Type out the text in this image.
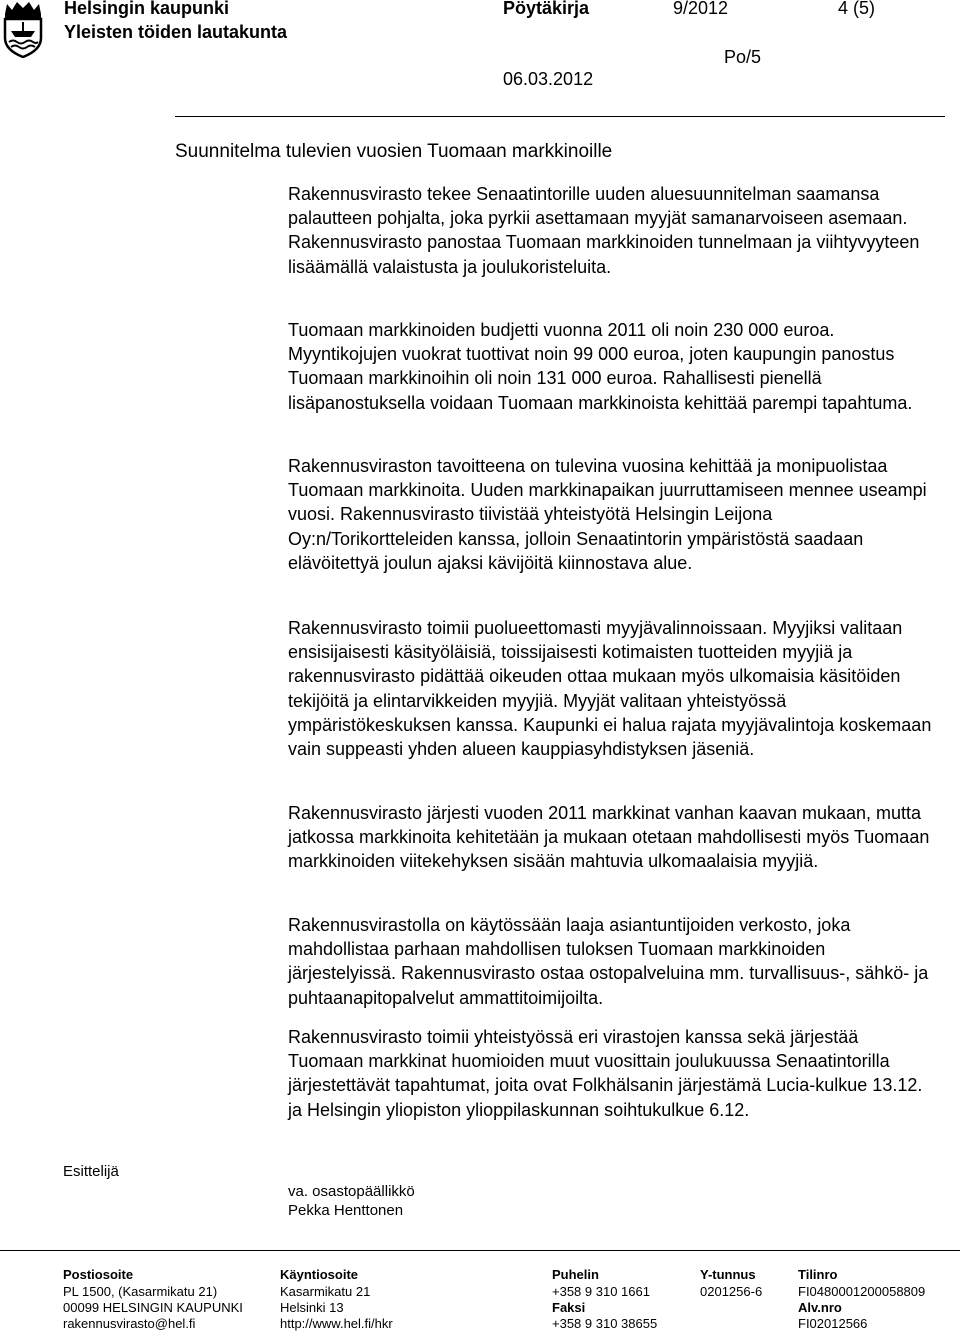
Helsingin kaupunki
Yleisten töiden lautakunta
Pöytäkirja	9/2012	4 (5)
Po/5
06.03.2012
Suunnitelma tulevien vuosien Tuomaan markkinoille

Rakennusvirasto tekee Senaatintorille uuden aluesuunnitelman saamansa palautteen pohjalta, joka pyrkii asettamaan myyjät samanarvoiseen asemaan. Rakennusvirasto panostaa Tuomaan markkinoiden tunnelmaan ja viihtyvyyteen lisäämällä valaistusta ja joulukoristeluita.

Tuomaan markkinoiden budjetti vuonna 2011 oli noin 230 000 euroa. Myyntikojujen vuokrat tuottivat noin 99 000 euroa, joten kaupungin panostus Tuomaan markkinoihin oli noin 131 000 euroa. Rahallisesti pienellä lisäpanostuksella voidaan Tuomaan markkinoista kehittää parempi tapahtuma.

Rakennusviraston tavoitteena on tulevina vuosina kehittää ja monipuolistaa Tuomaan markkinoita. Uuden markkinapaikan juurruttamiseen mennee useampi vuosi. Rakennusvirasto tiivistää yhteistyötä Helsingin Leijona Oy:n/Torikortteleiden kanssa, jolloin Senaatintorin ympäristöstä saadaan elävöitettyä joulun ajaksi kävijöitä kiinnostava alue.

Rakennusvirasto toimii puolueettomasti myyjävalinnoissaan. Myyjiksi valitaan ensisijaisesti käsityöläisiä, toissijaisesti kotimaisten tuotteiden myyjiä ja rakennusvirasto pidättää oikeuden ottaa mukaan myös ulkomaisia käsitöiden tekijöitä ja elintarvikkeiden myyjiä. Myyjät valitaan yhteistyössä ympäristökeskuksen kanssa. Kaupunki ei halua rajata myyjävalintoja koskemaan vain suppeasti yhden alueen kauppiasyhdistyksen jäseniä.

Rakennusvirasto järjesti vuoden 2011 markkinat vanhan kaavan mukaan, mutta jatkossa markkinoita kehitetään ja mukaan otetaan mahdollisesti myös Tuomaan markkinoiden viitekehyksen sisään mahtuvia ulkomaalaisia myyjiä.

Rakennusvirastolla on käytössään laaja asiantuntijoiden verkosto, joka mahdollistaa parhaan mahdollisen tuloksen Tuomaan markkinoiden järjestelyissä. Rakennusvirasto ostaa ostopalveluina mm. turvallisuus-, sähkö- ja puhtaanapitopalvelut ammattitoimijoilta.

Rakennusvirasto toimii yhteistyössä eri virastojen kanssa sekä järjestää Tuomaan markkinat huomioiden muut vuosittain joulukuussa Senaatintorilla järjestettävät tapahtumat, joita ovat Folkhälsanin järjestämä Lucia-kulkue 13.12. ja Helsingin yliopiston ylioppilaskunnan soihtukulkue 6.12.

Esittelijä
va. osastopäällikkö
Pekka Henttonen
Postiosoite
PL 1500, (Kasarmikatu 21)
00099 HELSINGIN KAUPUNKI
rakennusvirasto@hel.fi
Käyntiosoite
Kasarmikatu 21
Helsinki 13
http://www.hel.fi/hkr
Puhelin
+358 9 310 1661
Faksi
+358 9 310 38655
Y-tunnus
0201256-6
Tilinro
FI0480001200058809
Alv.nro
FI02012566
